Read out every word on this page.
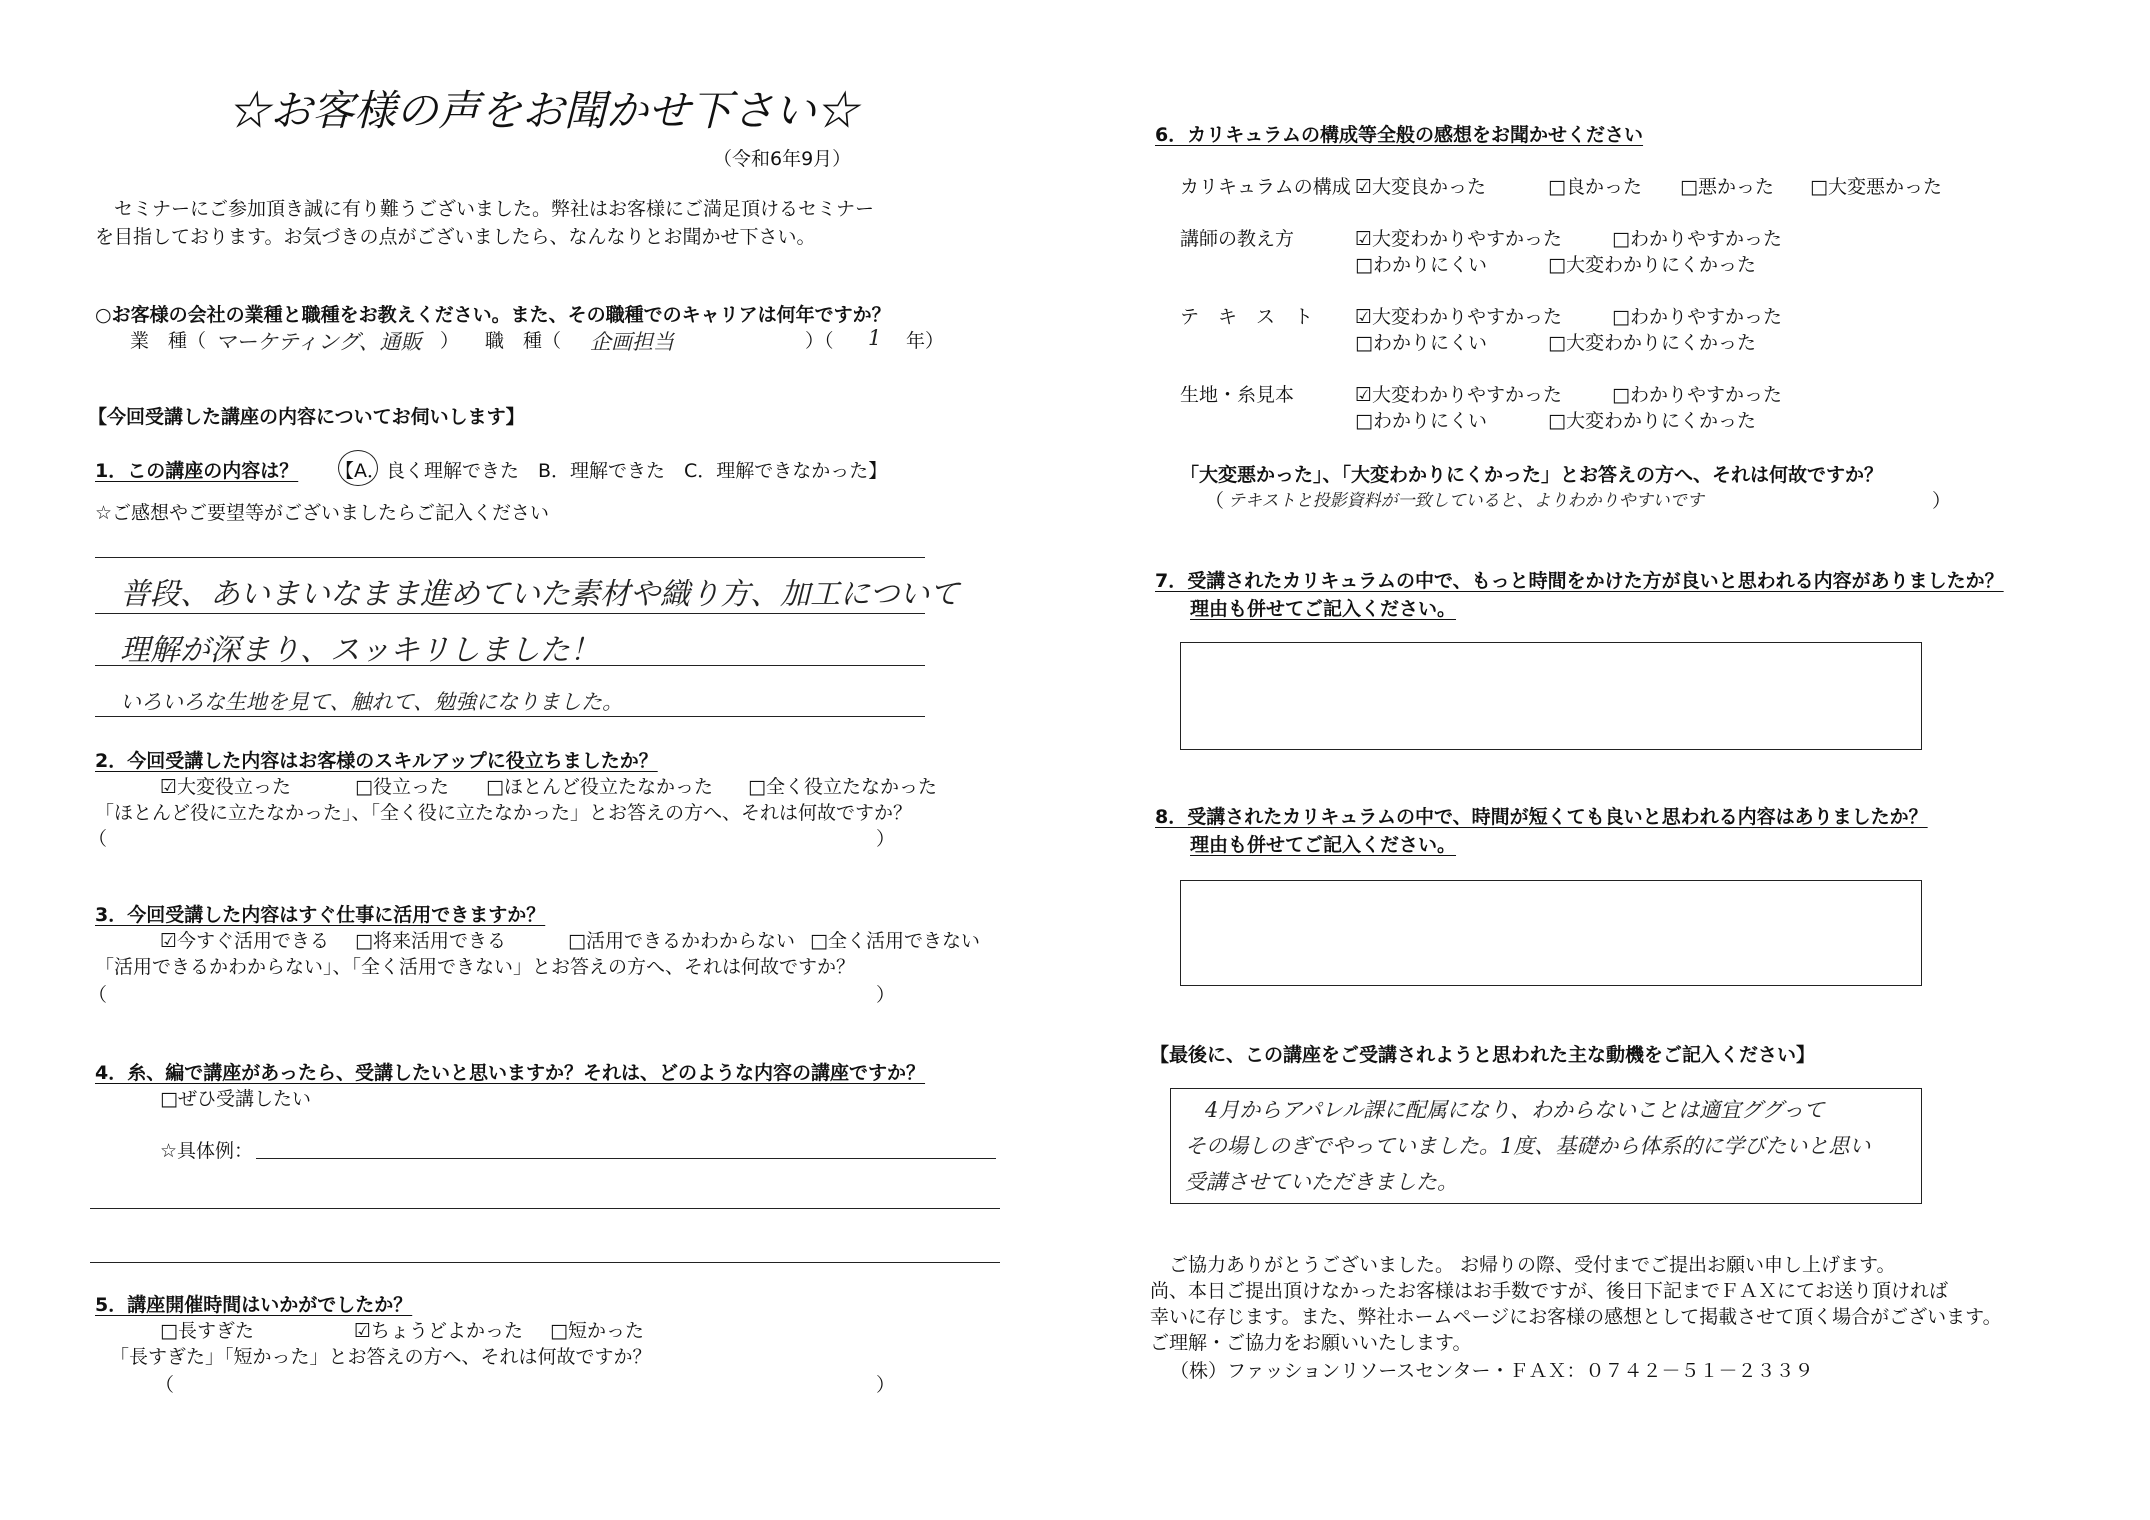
☆お客様の声をお聞かせ下さい☆
（令和6年9月）
　セミナーにご参加頂き誠に有り難うございました。弊社はお客様にご満足頂けるセミナー
を目指しております。お気づきの点がございましたら、なんなりとお聞かせ下さい。
○お客様の会社の業種と職種をお教えください。また、その職種でのキャリアは何年ですか？
業　種（ マーケティング、通販 ） 職　種（ 企画担当	）（ 1 年）
【今回受講した講座の内容についてお伺いします】
1．この講座の内容は？ 【A．良く理解できた　B．理解できた　C．理解できなかった】
☆ご感想やご要望等がございましたらご記入ください
普段、あいまいなまま進めていた素材や織り方、加工について
理解が深まり、スッキリしました！
いろいろな生地を見て、触れて、勉強になりました。
2．今回受講した内容はお客様のスキルアップに役立ちましたか？
☑大変役立った	□役立った □ほとんど役立たなかった □全く役立たなかった
「ほとんど役に立たなかった」、「全く役に立たなかった」とお答えの方へ、それは何故ですか？
（	）
3．今回受講した内容はすぐ仕事に活用できますか？
☑今すぐ活用できる □将来活用できる	□活用できるかわからない □全く活用できない
「活用できるかわからない」、「全く活用できない」とお答えの方へ、それは何故ですか？
（	）
4．糸、編で講座があったら、受講したいと思いますか？それは、どのような内容の講座ですか？
□ぜひ受講したい
☆具体例：
5．講座開催時間はいかがでしたか？
□長すぎた	☑ちょうどよかった □短かった
「長すぎた」「短かった」とお答えの方へ、それは何故ですか？
（	）
6．カリキュラムの構成等全般の感想をお聞かせください
カリキュラムの構成 ☑大変良かった	□良かった □悪かった □大変悪かった
講師の教え方	☑大変わかりやすかった	□わかりやすかった
□わかりにくい	□大変わかりにくかった
テ　キ　ス　ト ☑大変わかりやすかった	□わかりやすかった
□わかりにくい	□大変わかりにくかった
生地・糸見本	☑大変わかりやすかった	□わかりやすかった
□わかりにくい	□大変わかりにくかった
「大変悪かった」、「大変わかりにくかった」とお答えの方へ、それは何故ですか？
（ テキストと投影資料が一致していると、よりわかりやすいです	）
7．受講されたカリキュラムの中で、もっと時間をかけた方が良いと思われる内容がありましたか？
理由も併せてご記入ください。
8．受講されたカリキュラムの中で、時間が短くても良いと思われる内容はありましたか？
理由も併せてご記入ください。
【最後に、この講座をご受講されようと思われた主な動機をご記入ください】
4月からアパレル課に配属になり、わからないことは適宜ググって
その場しのぎでやっていました。1度、基礎から体系的に学びたいと思い
受講させていただきました。
　ご協力ありがとうございました。 お帰りの際、受付までご提出お願い申し上げます。
尚、本日ご提出頂けなかったお客様はお手数ですが、後日下記までＦＡＸにてお送り頂ければ
幸いに存じます。また、弊社ホームページにお客様の感想として掲載させて頂く場合がございます。
ご理解・ご協力をお願いいたします。
（株）ファッションリソースセンター・ＦＡＸ：０７４２－５１－２３３９
